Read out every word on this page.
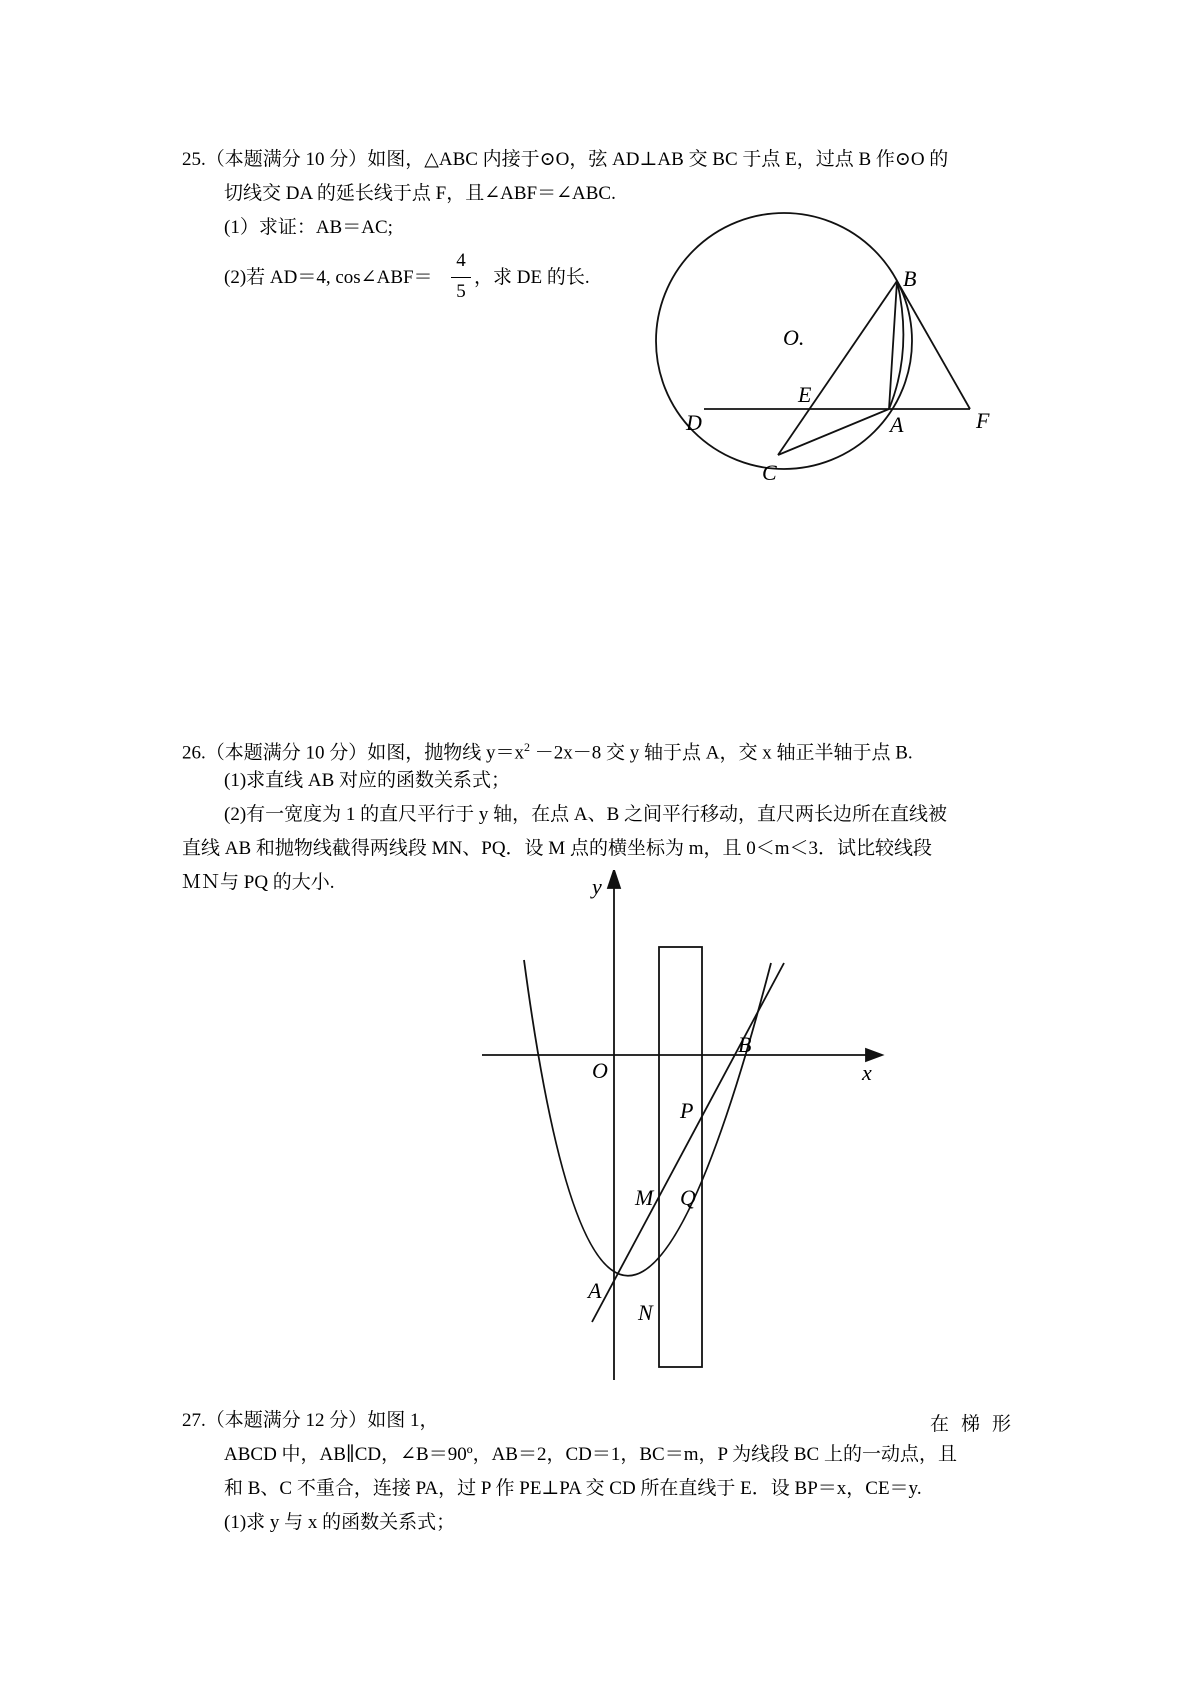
25.（本题满分 10 分）如图，△ABC 内接于⊙O，弦 AD⊥AB 交 BC 于点 E，过点 B 作⊙O 的
切线交 DA 的延长线于点 F，且∠ABF＝∠ABC.
(1）求证：AB＝AC;
(2)若 AD＝4, cos∠ABF＝
4
5
，求 DE 的长.	B
O.
E
D	A	F
C
26.（本题满分 10 分）如图，抛物线 $y=x^2 -2x-8$ 交 y 轴于点 A，交 x 轴正半轴于点 B.
(1)求直线 AB 对应的函数关系式；
(2)有一宽度为 1 的直尺平行于 y 轴，在点 A、B 之间平行移动，直尺两长边所在直线被
直线 AB 和抛物线截得两线段 MN、PQ．设 M 点的横坐标为 m，且 0＜m＜3．试比较线段
ＭＮ与 PQ 的大小.	y
x
O
B
P
M Q
A
N
27.（本题满分 12 分）如图 1，	在梯形
ABCD 中，AB∥CD，∠B＝90º，AB＝2，CD＝1，BC＝m，P 为线段 BC 上的一动点，且
和 B、C 不重合，连接 PA，过 P 作 PE⊥PA 交 CD 所在直线于 E．设 BP＝x，CE＝y.
(1)求 y 与 x 的函数关系式；
